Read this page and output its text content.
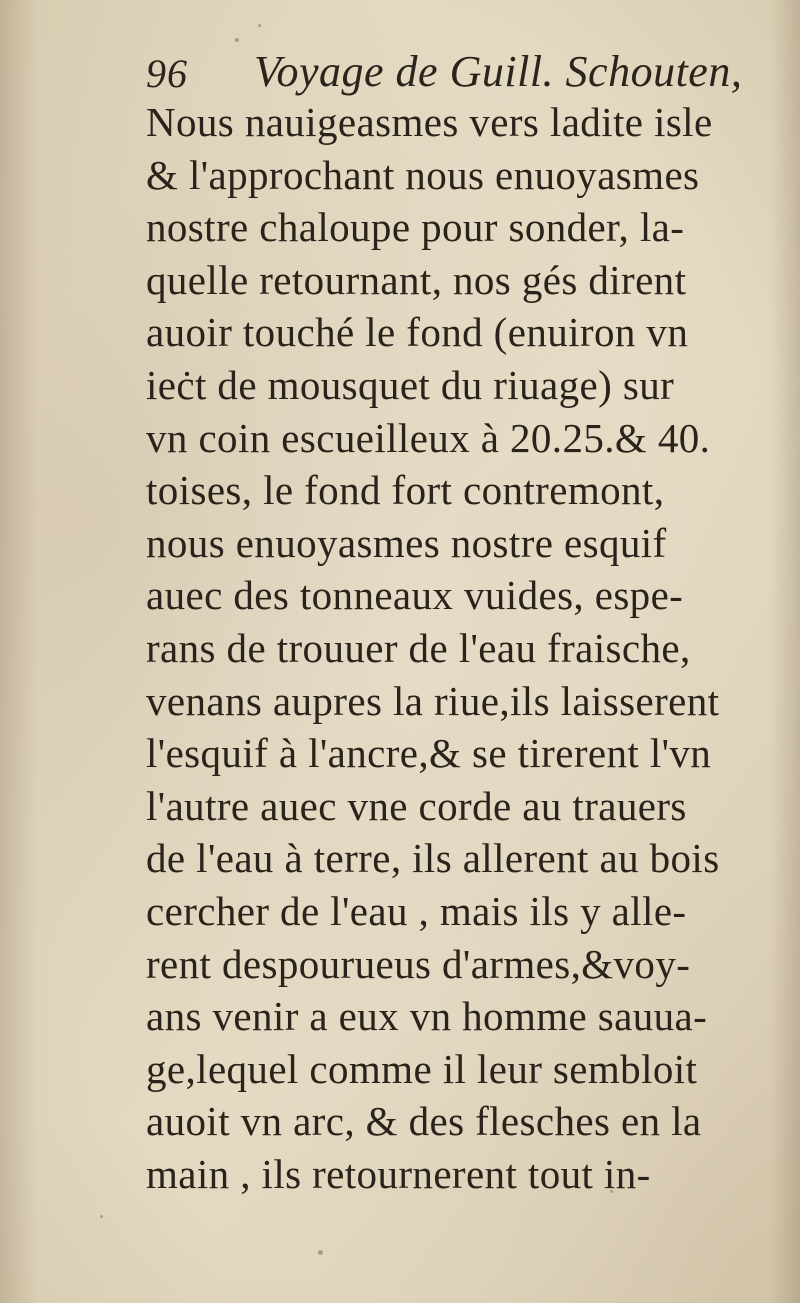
96 Voyage de Guill. Schouten,
Nous nauigeasmes vers ladite isle
& l'approchant nous enuoyasmes
nostre chaloupe pour sonder, la-
quelle retournant, nos gés dirent
auoir touché le fond (enuiron vn
ieċt de mousquet du riuage) sur
vn coin escueilleux à 20.25.& 40.
toises, le fond fort contremont,
nous enuoyasmes nostre esquif
auec des tonneaux vuides, espe-
rans de trouuer de l'eau fraische,
venans aupres la riue,ils laisserent
l'esquif à l'ancre,& se tirerent l'vn
l'autre auec vne corde au trauers
de l'eau à terre, ils allerent au bois
cercher de l'eau , mais ils y alle-
rent despourueus d'armes,&voy-
ans venir a eux vn homme sauua-
ge,lequel comme il leur sembloit
auoit vn arc, & des flesches en la
main , ils retournerent tout in-
